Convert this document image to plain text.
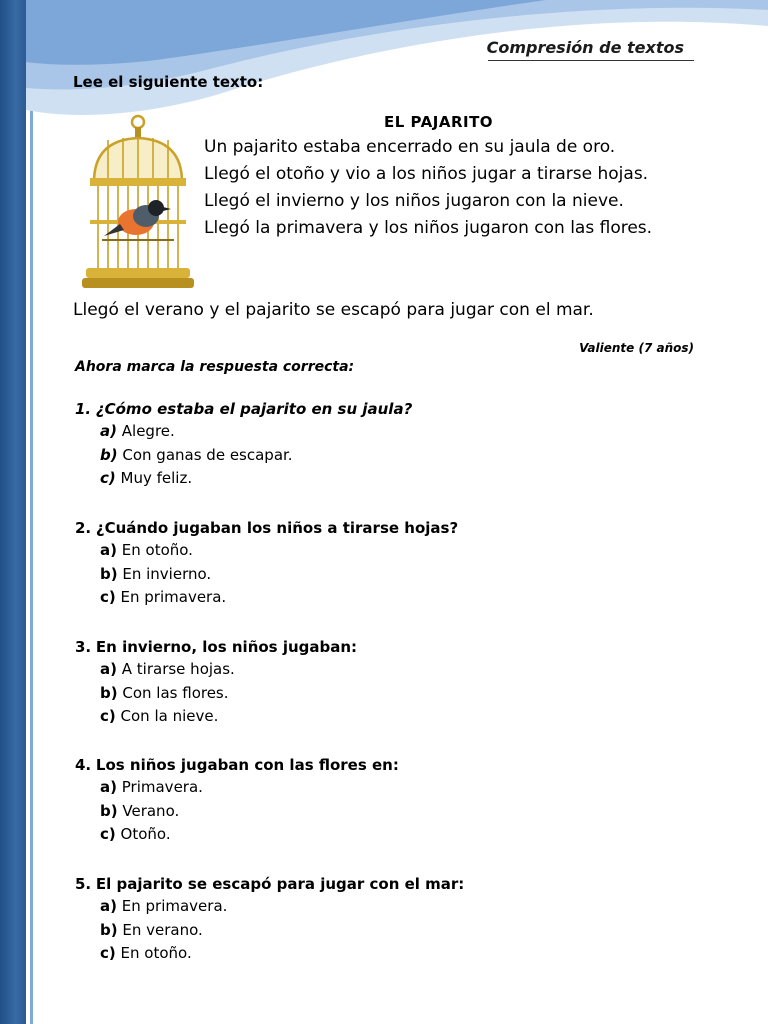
Compresión de textos
Lee el siguiente texto:
EL PAJARITO

Un pajarito estaba encerrado en su jaula de oro.

Llegó el otoño y vio a los niños jugar a tirarse hojas.

Llegó el invierno y los niños jugaron con la nieve.

Llegó la primavera y los niños jugaron con las flores.

Llegó el verano y el pajarito se escapó para jugar con el mar.
Valiente (7 años)
Ahora marca la respuesta correcta:
1. ¿Cómo estaba el pajarito en su jaula?
a) Alegre.
b) Con ganas de escapar.
c) Muy feliz.
2. ¿Cuándo jugaban los niños a tirarse hojas?
a) En otoño.
b) En invierno.
c) En primavera.
3. En invierno, los niños jugaban:
a) A tirarse hojas.
b) Con las flores.
c) Con la nieve.
4. Los niños jugaban con las flores en:
a) Primavera.
b) Verano.
c) Otoño.
5. El pajarito se escapó para jugar con el mar:
a) En primavera.
b) En verano.
c) En otoño.
